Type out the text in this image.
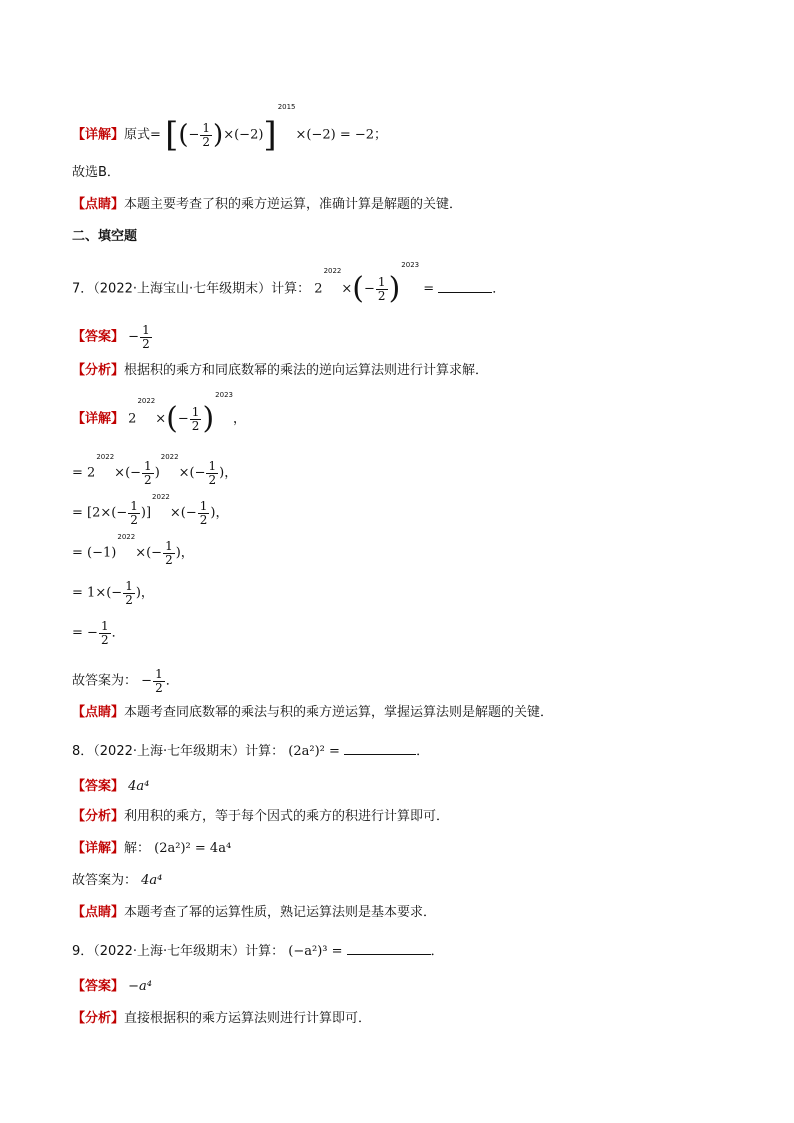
【详解】原式= [(− $\frac{1}{2} )\times(-2)]^{2015}\times(-2) = -2$；
故选B．
【点睛】本题主要考查了积的乘方逆运算，准确计算是解题的关键．
二、填空题
7．（2022·上海宝山·七年级期末）计算： $2^{2022}\times(- \frac{1}{2} )^{2023}$ =	．
【答案】 − $\frac{1}{2}$
【分析】根据积的乘方和同底数幂的乘法的逆向运算法则进行计算求解．
【详解】 $2^{2022}\times(- \frac{1}{2} )^{2023}$，
= $2^{2022}\times(- \frac{1}{2} )^{2022}\times(- \frac{1}{2}$ )，
= $[2\times(- \frac{1}{2} )]^{2022}\times(- \frac{1}{2}$ )，
= $(-1)^{2022}\times(- \frac{1}{2}$ )，
= $1\times(- \frac{1}{2}$ )，
= − $\frac{1}{2}$ ．
故答案为： − $\frac{1}{2}$ ．
【点睛】本题考查同底数幂的乘法与积的乘方逆运算，掌握运算法则是解题的关键．
8．（2022·上海·七年级期末）计算： (2a²)² =	．
【答案】 4a⁴
【分析】利用积的乘方，等于每个因式的乘方的积进行计算即可．
【详解】解： (2a²)² = 4a⁴
故答案为： 4a⁴
【点睛】本题考查了幂的运算性质，熟记运算法则是基本要求．
9．（2022·上海·七年级期末）计算： (−a²)³ =	．
【答案】 −a⁴
【分析】直接根据积的乘方运算法则进行计算即可．
